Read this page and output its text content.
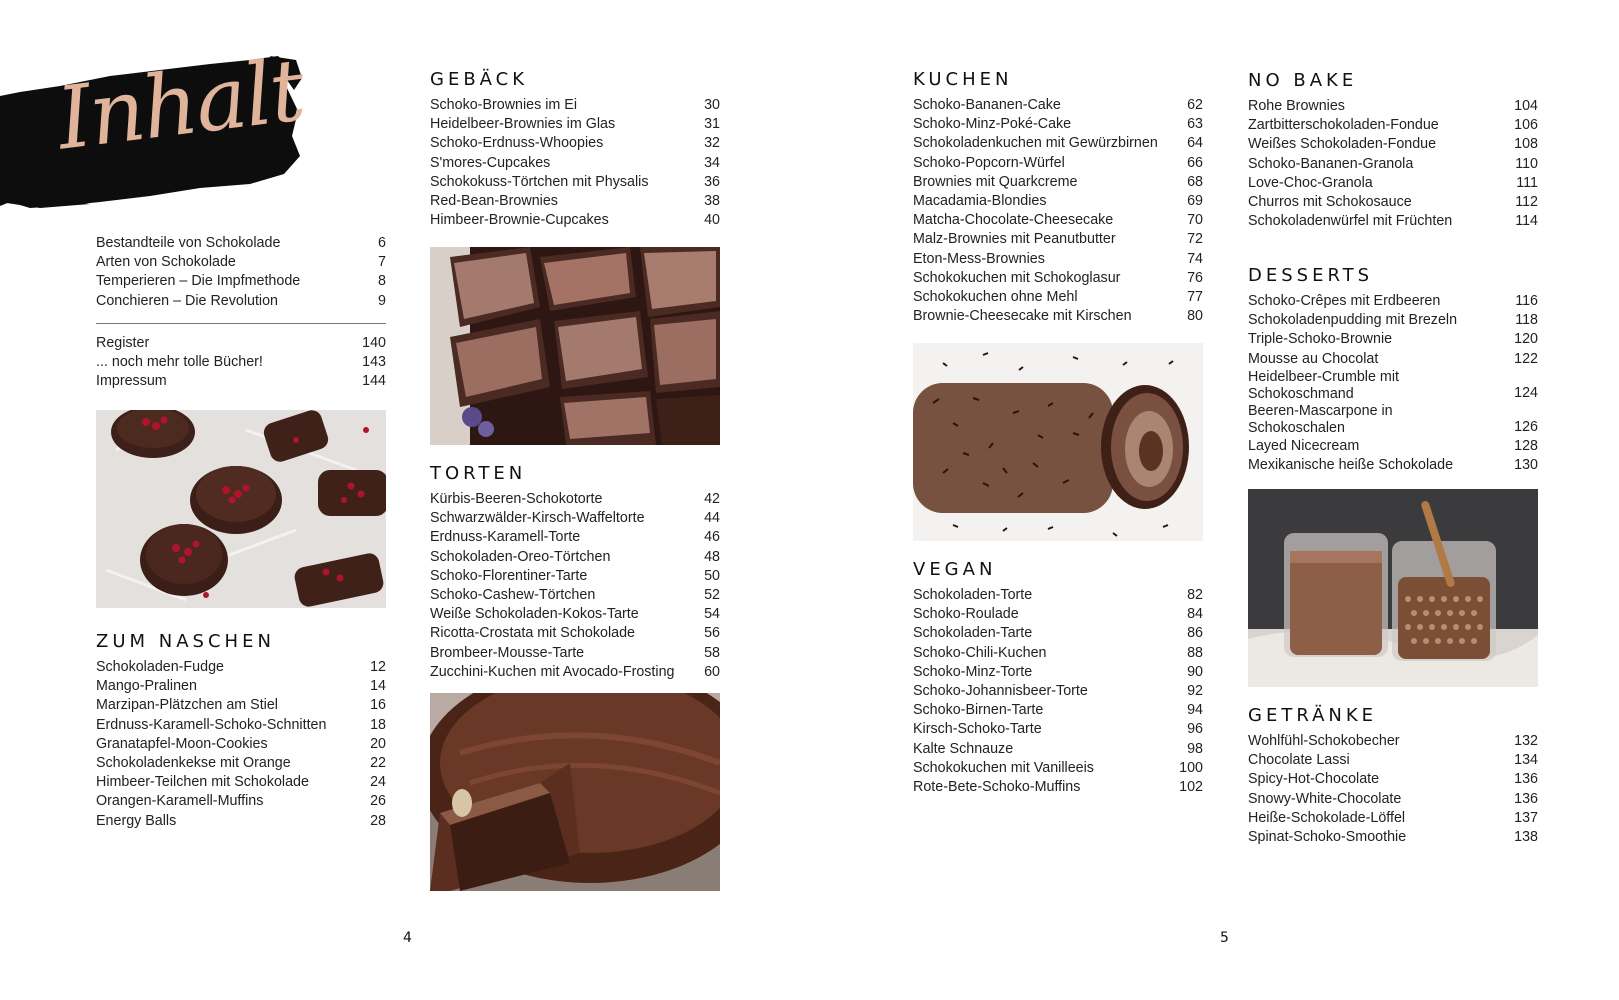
Inhalt
Bestandteile von Schokolade	6
Arten von Schokolade	7
Temperieren – Die Impfmethode	8
Conchieren – Die Revolution	9
Register	140
... noch mehr tolle Bücher!	143
Impressum	144
ZUM NASCHEN
Schokoladen-Fudge	12
Mango-Pralinen	14
Marzipan-Plätzchen am Stiel	16
Erdnuss-Karamell-Schoko-Schnitten	18
Granatapfel-Moon-Cookies	20
Schokoladenkekse mit Orange	22
Himbeer-Teilchen mit Schokolade	24
Orangen-Karamell-Muffins	26
Energy Balls	28
GEBÄCK
Schoko-Brownies im Ei	30
Heidelbeer-Brownies im Glas	31
Schoko-Erdnuss-Whoopies	32
S'mores-Cupcakes	34
Schokokuss-Törtchen mit Physalis	36
Red-Bean-Brownies	38
Himbeer-Brownie-Cupcakes	40
TORTEN
Kürbis-Beeren-Schokotorte	42
Schwarzwälder-Kirsch-Waffeltorte	44
Erdnuss-Karamell-Torte	46
Schokoladen-Oreo-Törtchen	48
Schoko-Florentiner-Tarte	50
Schoko-Cashew-Törtchen	52
Weiße Schokoladen-Kokos-Tarte	54
Ricotta-Crostata mit Schokolade	56
Brombeer-Mousse-Tarte	58
Zucchini-Kuchen mit Avocado-Frosting	60
KUCHEN
Schoko-Bananen-Cake	62
Schoko-Minz-Poké-Cake	63
Schokoladenkuchen mit Gewürzbirnen	64
Schoko-Popcorn-Würfel	66
Brownies mit Quarkcreme	68
Macadamia-Blondies	69
Matcha-Chocolate-Cheesecake	70
Malz-Brownies mit Peanutbutter	72
Eton-Mess-Brownies	74
Schokokuchen mit Schokoglasur	76
Schokokuchen ohne Mehl	77
Brownie-Cheesecake mit Kirschen	80
VEGAN
Schokoladen-Torte	82
Schoko-Roulade	84
Schokoladen-Tarte	86
Schoko-Chili-Kuchen	88
Schoko-Minz-Torte	90
Schoko-Johannisbeer-Torte	92
Schoko-Birnen-Tarte	94
Kirsch-Schoko-Tarte	96
Kalte Schnauze	98
Schokokuchen mit Vanilleeis	100
Rote-Bete-Schoko-Muffins	102
NO BAKE
Rohe Brownies	104
Zartbitterschokoladen-Fondue	106
Weißes Schokoladen-Fondue	108
Schoko-Bananen-Granola	110
Love-Choc-Granola	111
Churros mit Schokosauce	112
Schokoladenwürfel mit Früchten	114
DESSERTS
Schoko-Crêpes mit Erdbeeren	116
Schokoladenpudding mit Brezeln	118
Triple-Schoko-Brownie	120
Mousse au Chocolat	122
Heidelbeer-Crumble mit Schokoschmand	124
Beeren-Mascarpone in Schokoschalen	126
Layed Nicecream	128
Mexikanische heiße Schokolade	130
GETRÄNKE
Wohlfühl-Schokobecher	132
Chocolate Lassi	134
Spicy-Hot-Chocolate	136
Snowy-White-Chocolate	136
Heiße-Schokolade-Löffel	137
Spinat-Schoko-Smoothie	138
4	5
